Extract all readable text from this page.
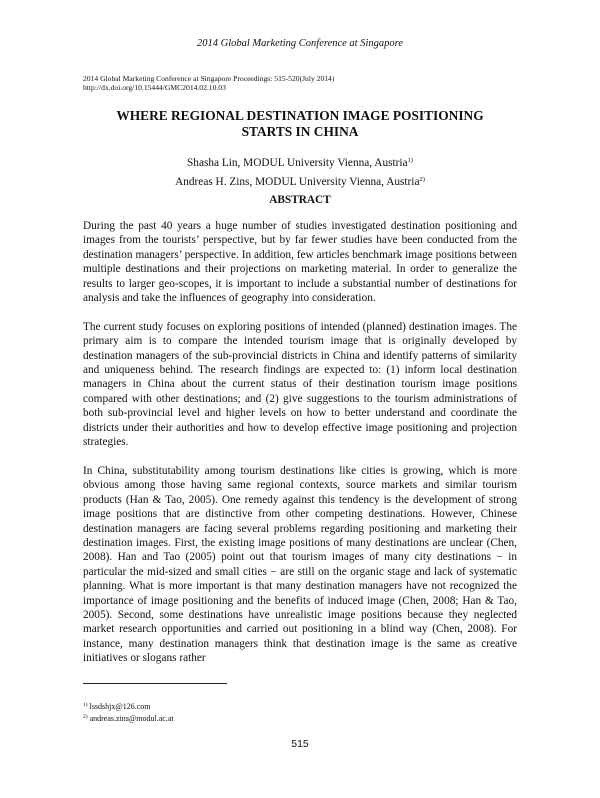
2014 Global Marketing Conference at Singapore
2014 Global Marketing Conference at Singapore Proceedings: 515-520(July 2014)
http://dx.doi.org/10.15444/GMC2014.02.10.03
WHERE REGIONAL DESTINATION IMAGE POSITIONING
STARTS IN CHINA
Shasha Lin, MODUL University Vienna, Austria$^{1)}$
Andreas H. Zins, MODUL University Vienna, Austria$^{2)}$
ABSTRACT

During the past 40 years a huge number of studies investigated destination positioning and images from the tourists’ perspective, but by far fewer studies have been conducted from the destination managers’ perspective. In addition, few articles benchmark image positions between multiple destinations and their projections on marketing material. In order to generalize the results to larger geo-scopes, it is important to include a substantial number of destinations for analysis and take the influences of geography into consideration.

The current study focuses on exploring positions of intended (planned) destination images. The primary aim is to compare the intended tourism image that is originally developed by destination managers of the sub-provincial districts in China and identify patterns of similarity and uniqueness behind. The research findings are expected to: (1) inform local destination managers in China about the current status of their destination tourism image positions compared with other destinations; and (2) give suggestions to the tourism administrations of both sub-provincial level and higher levels on how to better understand and coordinate the districts under their authorities and how to develop effective image positioning and projection strategies.

In China, substitutability among tourism destinations like cities is growing, which is more obvious among those having same regional contexts, source markets and similar tourism products (Han & Tao, 2005). One remedy against this tendency is the development of strong image positions that are distinctive from other competing destinations. However, Chinese destination managers are facing several problems regarding positioning and marketing their destination images. First, the existing image positions of many destinations are unclear (Chen, 2008). Han and Tao (2005) point out that tourism images of many city destinations − in particular the mid-sized and small cities − are still on the organic stage and lack of systematic planning. What is more important is that many destination managers have not recognized the importance of image positioning and the benefits of induced image (Chen, 2008; Han & Tao, 2005). Second, some destinations have unrealistic image positions because they neglected market research opportunities and carried out positioning in a blind way (Chen, 2008). For instance, many destination managers think that destination image is the same as creative initiatives or slogans rather

$^{1)}$ lssdshjx@126.com
$^{2)}$ andreas.zins@modul.ac.at
515
